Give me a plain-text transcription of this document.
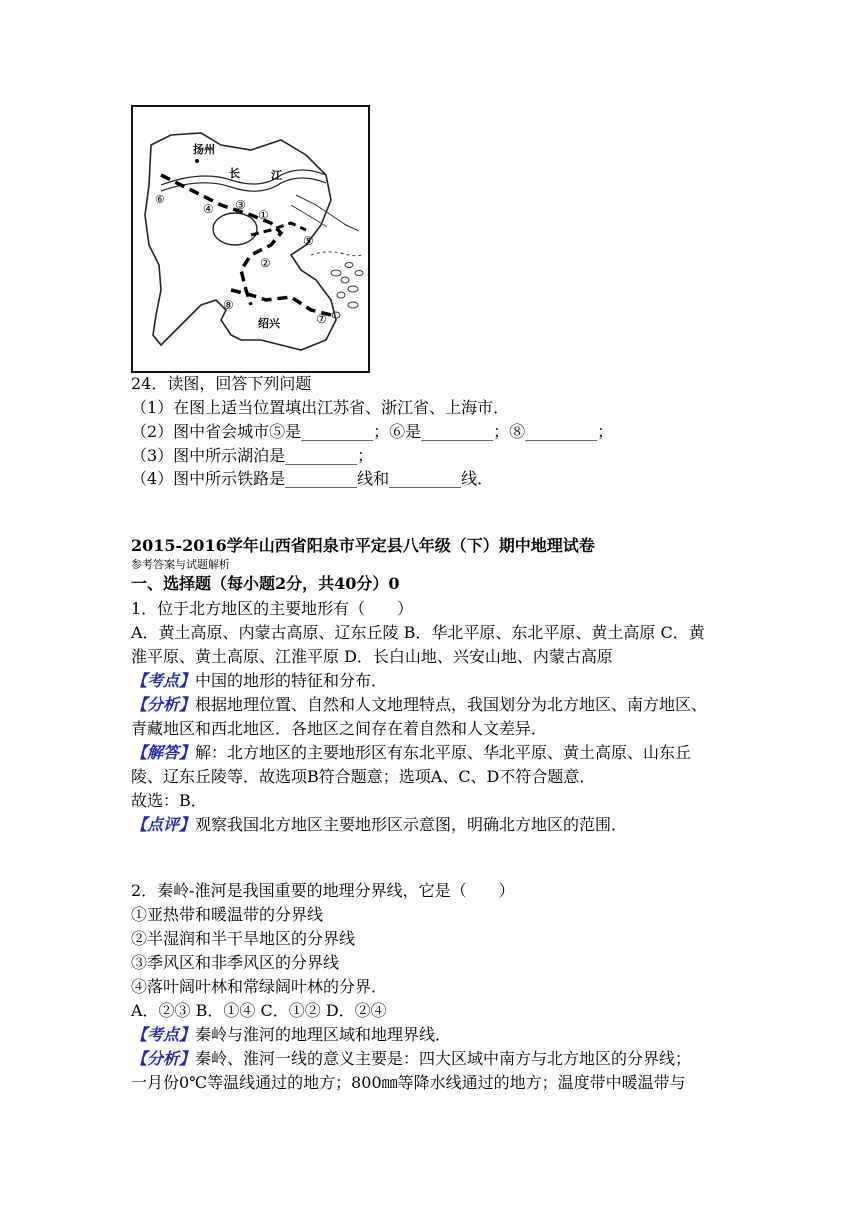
扬州
长	江
⑥
④ ③
①
⑤
②
⑧
⑦
绍兴
24．读图，回答下列问题
（1）在图上适当位置填出江苏省、浙江省、上海市．
（2）图中省会城市⑤是_________；⑥是_________；⑧_________；
（3）图中所示湖泊是_________；
（4）图中所示铁路是_________线和_________线．
2015-2016学年山西省阳泉市平定县八年级（下）期中地理试卷
参考答案与试题解析
一、选择题（每小题2分，共40分）0
1．位于北方地区的主要地形有（　　）
A．黄土高原、内蒙古高原、辽东丘陵 B．华北平原、东北平原、黄土高原 C．黄
淮平原、黄土高原、江淮平原 D．长白山地、兴安山地、内蒙古高原
【考点】中国的地形的特征和分布．
【分析】根据地理位置、自然和人文地理特点，我国划分为北方地区、南方地区、
青藏地区和西北地区．各地区之间存在着自然和人文差异．
【解答】解：北方地区的主要地形区有东北平原、华北平原、黄土高原、山东丘
陵、辽东丘陵等．故选项B符合题意；选项A、C、D不符合题意．
故选：B．
【点评】观察我国北方地区主要地形区示意图，明确北方地区的范围．
2．秦岭-淮河是我国重要的地理分界线，它是（　　）
①亚热带和暖温带的分界线
②半湿润和半干旱地区的分界线
③季风区和非季风区的分界线
④落叶阔叶林和常绿阔叶林的分界．
A．②③ B．①④ C．①② D．②④
【考点】秦岭与淮河的地理区域和地理界线．
【分析】秦岭、淮河一线的意义主要是：四大区域中南方与北方地区的分界线；
一月份0℃等温线通过的地方；800㎜等降水线通过的地方；温度带中暖温带与
